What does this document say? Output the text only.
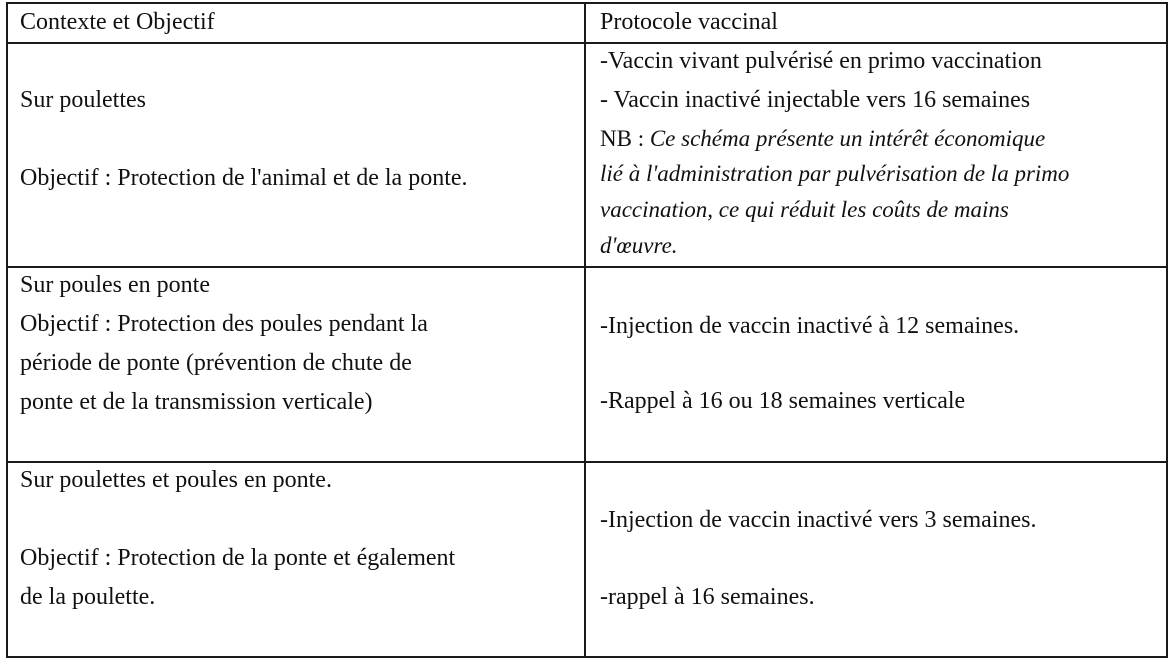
Contexte et Objectif	Protocole vaccinal
Sur poulettes
Objectif : Protection de l'animal et de la ponte.
-Vaccin vivant pulvérisé en primo vaccination
- Vaccin inactivé injectable vers 16 semaines
NB : Ce schéma présente un intérêt économique
lié à l'administration par pulvérisation de la primo
vaccination, ce qui réduit les coûts de mains
d'œuvre.
Sur poules en ponte
Objectif : Protection des poules pendant la
période de ponte (prévention de chute de
ponte et de la transmission verticale)
-Injection de vaccin inactivé à 12 semaines.
-Rappel à 16 ou 18 semaines verticale
Sur poulettes et poules en ponte.
Objectif : Protection de la ponte et également
de la poulette.
-Injection de vaccin inactivé vers 3 semaines.
-rappel à 16 semaines.
